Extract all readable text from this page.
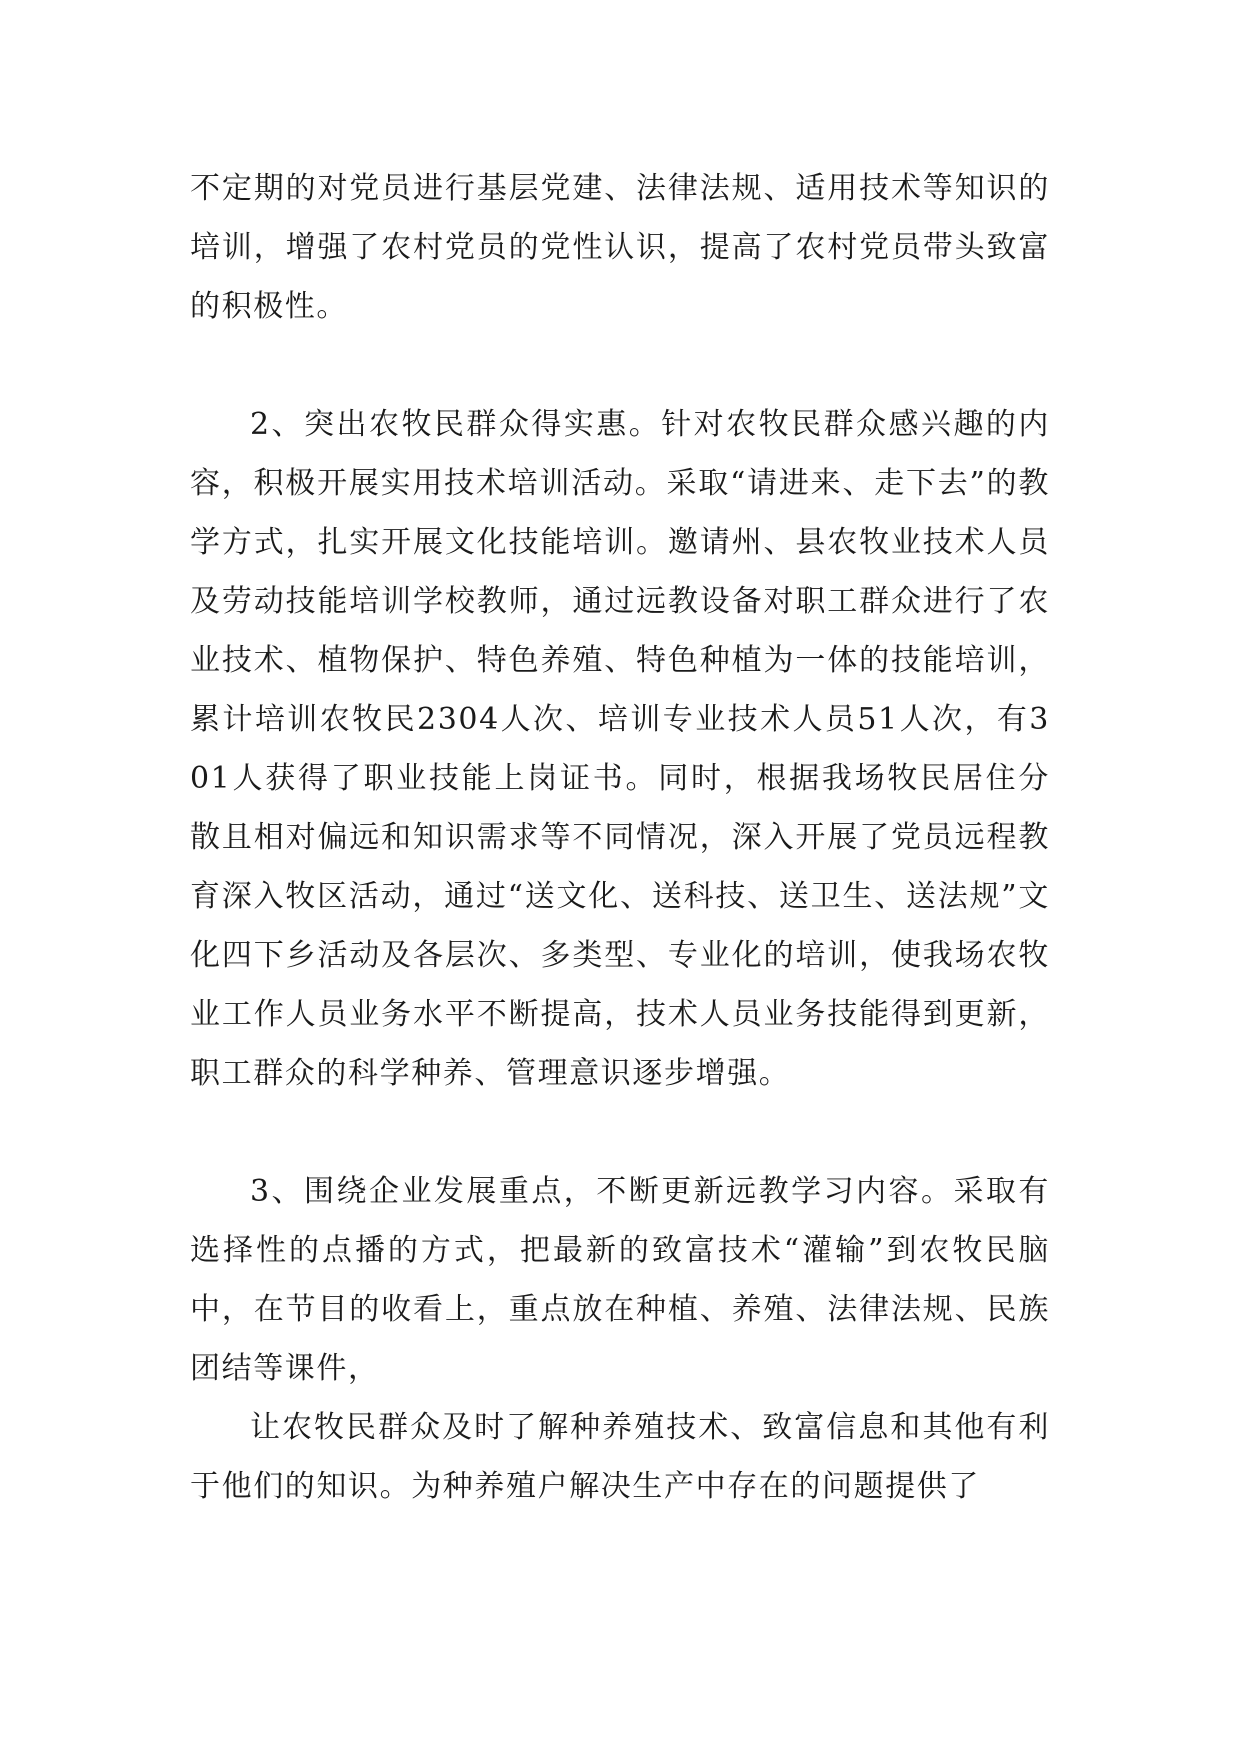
不定期的对党员进行基层党建、法律法规、适用技术等知识的培训，增强了农村党员的党性认识，提高了农村党员带头致富的积极性。

2、突出农牧民群众得实惠。针对农牧民群众感兴趣的内容，积极开展实用技术培训活动。采取“请进来、走下去”的教学方式，扎实开展文化技能培训。邀请州、县农牧业技术人员及劳动技能培训学校教师，通过远教设备对职工群众进行了农业技术、植物保护、特色养殖、特色种植为一体的技能培训，累计培训农牧民2304人次、培训专业技术人员51人次，有301人获得了职业技能上岗证书。同时，根据我场牧民居住分散且相对偏远和知识需求等不同情况，深入开展了党员远程教育深入牧区活动，通过“送文化、送科技、送卫生、送法规”文化四下乡活动及各层次、多类型、专业化的培训，使我场农牧业工作人员业务水平不断提高，技术人员业务技能得到更新，职工群众的科学种养、管理意识逐步增强。

3、围绕企业发展重点，不断更新远教学习内容。采取有选择性的点播的方式，把最新的致富技术“灌输”到农牧民脑中，在节目的收看上，重点放在种植、养殖、法律法规、民族团结等课件，

让农牧民群众及时了解种养殖技术、致富信息和其他有利于他们的知识。为种养殖户解决生产中存在的问题提供了
